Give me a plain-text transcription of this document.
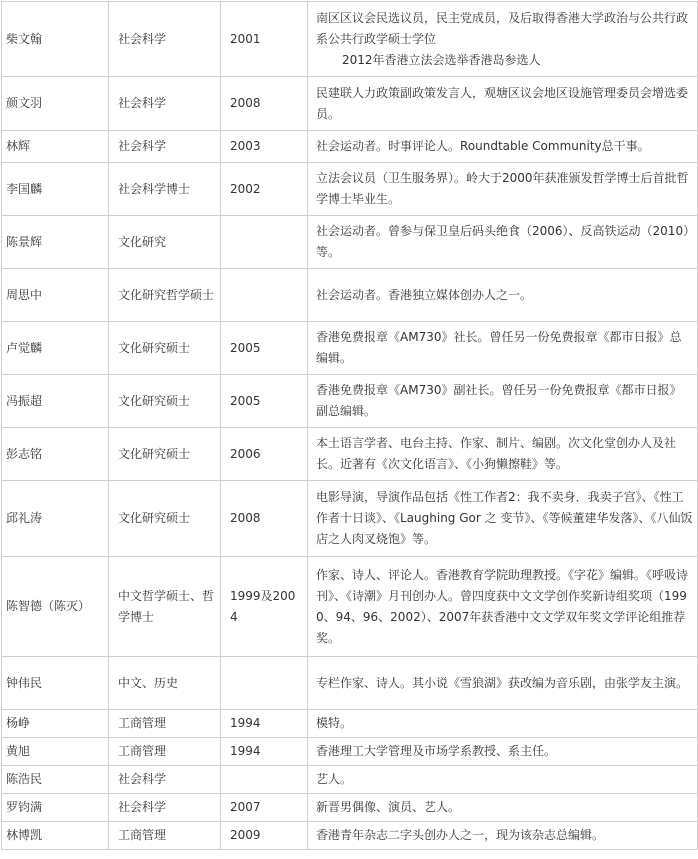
柴文翰	社会科学	2001	南区区议会民选议员，民主党成员，及后取得香港大学政治与公共行政系公共行政学硕士学位
2012年香港立法会选举香港岛参选人

颜文羽	社会科学	2008	民建联人力政策副政策发言人，观塘区议会地区设施管理委员会增选委员。
林辉	社会科学	2003	社会运动者。时事评论人。Roundtable Community总干事。
李国麟	社会科学博士	2002	立法会议员（卫生服务界）。岭大于2000年获准颁发哲学博士后首批哲学博士毕业生。
陈景辉	文化研究		社会运动者。曾参与保卫皇后码头绝食（2006）、反高铁运动（2010）等。
周思中	文化研究哲学硕士		社会运动者。香港独立媒体创办人之一。
卢觉麟	文化研究硕士	2005	香港免费报章《AM730》社长。曾任另一份免费报章《都市日报》总编辑。
冯振超	文化研究硕士	2005	香港免费报章《AM730》副社长。曾任另一份免费报章《都市日报》副总编辑。
彭志铭	文化研究硕士	2006	本土语言学者、电台主持、作家、制片、编剧。次文化堂创办人及社长。近著有《次文化语言》、《小狗懒擦鞋》等。
邱礼涛	文化研究硕士	2008	电影导演，导演作品包括《性工作者2：我不卖身．我卖子宫》、《性工作者十日谈》、《Laughing Gor 之 变节》、《等候董建华发落》、《八仙饭店之人肉叉烧饱》等。
陈智德（陈灭）	中文哲学硕士、哲学博士	1999及2004	作家、诗人、评论人。香港教育学院助理教授。《字花》编辑。《呼吸诗刊》、《诗潮》月刊创办人。曾四度获中文文学创作奖新诗组奖项（1990、94、96、2002）、2007年获香港中文文学双年奖文学评论组推荐奖。
钟伟民	中文、历史		专栏作家、诗人。其小说《雪狼湖》获改编为音乐剧，由张学友主演。
杨峥	工商管理	1994	模特。
黄旭	工商管理	1994	香港理工大学管理及市场学系教授、系主任。
陈浩民	社会科学		艺人。
罗钧满	社会科学	2007	新晋男偶像、演员、艺人。
林博凯	工商管理	2009	香港青年杂志二字头创办人之一，现为该杂志总编辑。
